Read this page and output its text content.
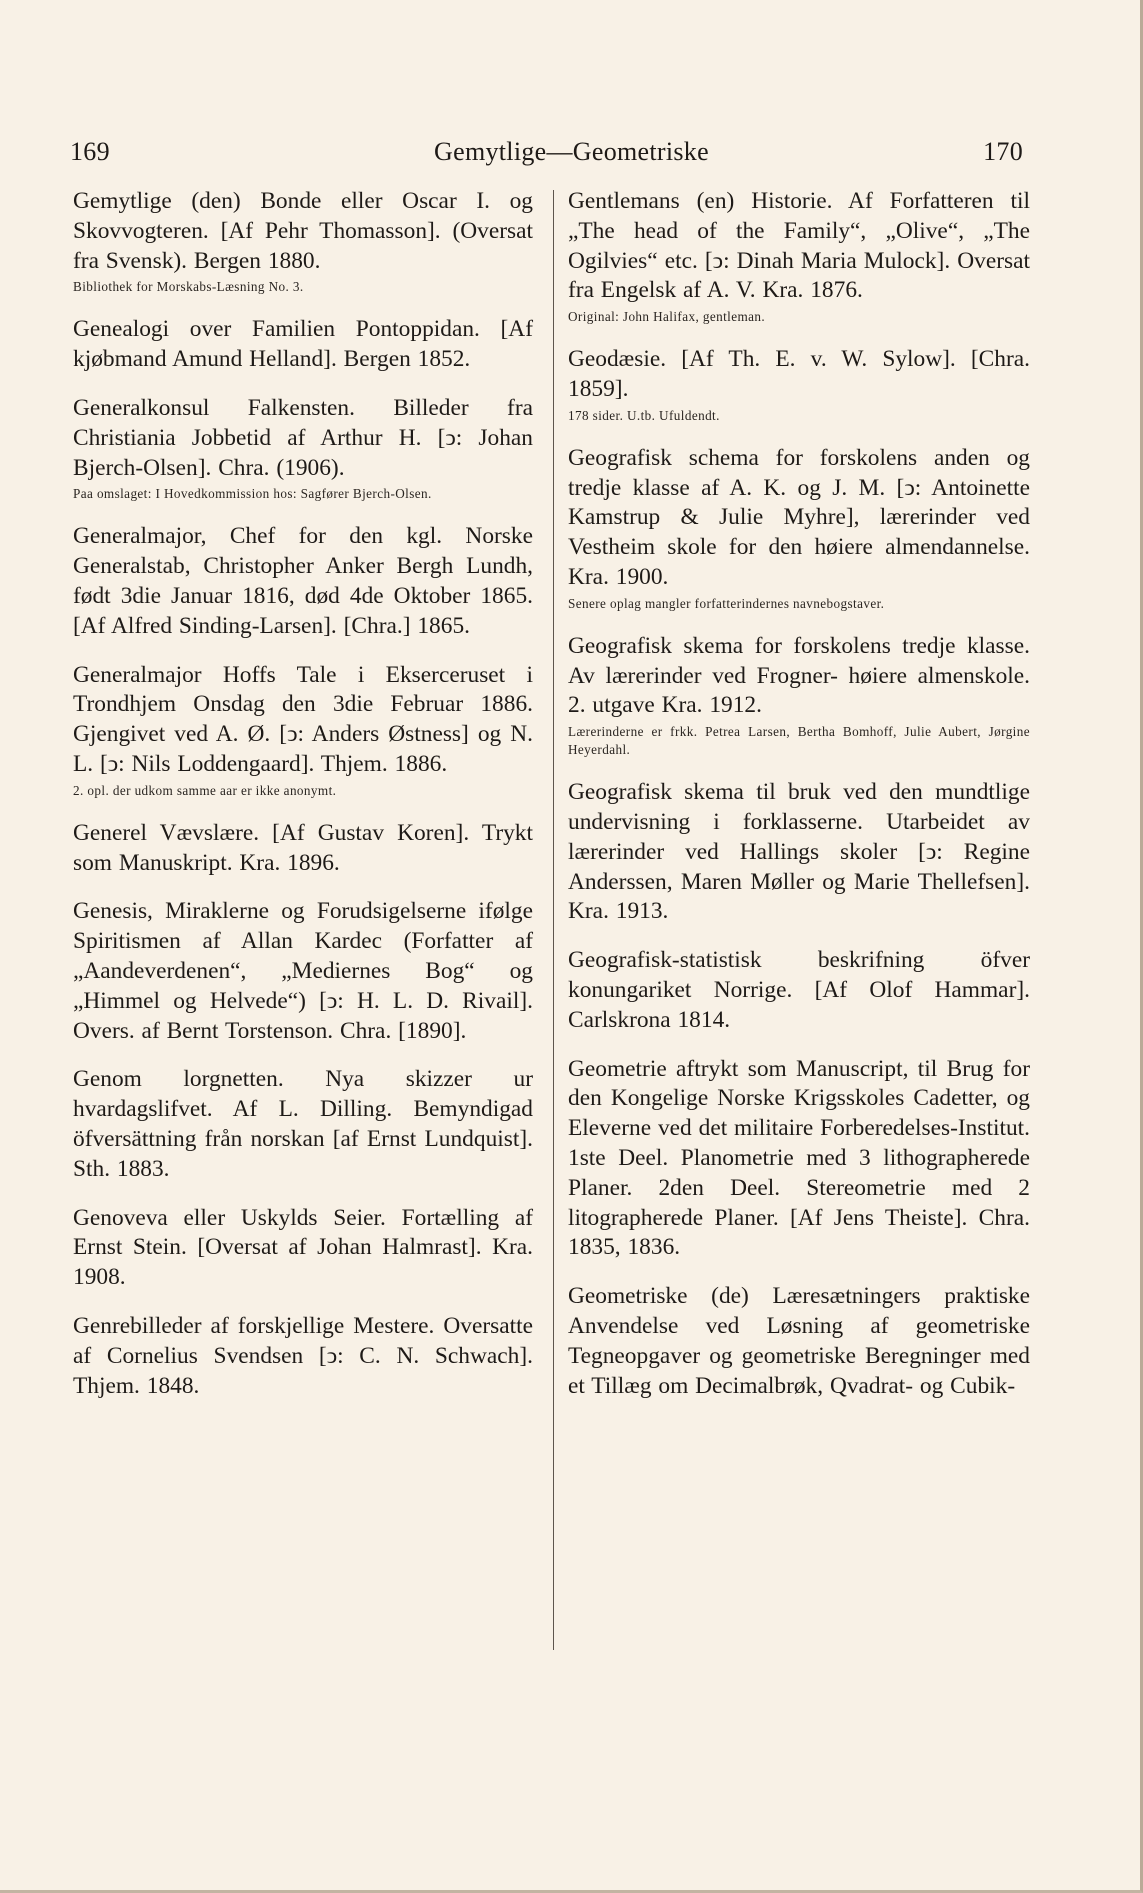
Gemytlige—Geometriske
169	170

Gemytlige (den) Bonde eller Oscar I. og Skovvogteren. [Af Pehr Thomasson]. (Oversat fra Svensk). Bergen 1880.

Bibliothek for Morskabs-Læsning No. 3.

Genealogi over Familien Pontoppidan. [Af kjøbmand Amund Helland]. Bergen 1852.

Generalkonsul Falkensten. Billeder fra Christiania Jobbetid af Arthur H. [ↄ: Johan Bjerch-Olsen]. Chra. (1906).

Paa omslaget: I Hovedkommission hos: Sagfører Bjerch-Olsen.

Generalmajor, Chef for den kgl. Norske Generalstab, Christopher Anker Bergh Lundh, født 3die Januar 1816, død 4de Oktober 1865. [Af Alfred Sinding-Larsen]. [Chra.] 1865.

Generalmajor Hoffs Tale i Ekserceruset i Trondhjem Onsdag den 3die Februar 1886. Gjengivet ved A. Ø. [ↄ: Anders Østness] og N. L. [ↄ: Nils Loddengaard]. Thjem. 1886.

2. opl. der udkom samme aar er ikke anonymt.

Generel Vævslære. [Af Gustav Koren]. Trykt som Manuskript. Kra. 1896.

Genesis, Miraklerne og Forudsigelserne ifølge Spiritismen af Allan Kardec (Forfatter af „Aandeverdenen“, „Mediernes Bog“ og „Himmel og Helvede“) [ↄ: H. L. D. Rivail]. Overs. af Bernt Torstenson. Chra. [1890].

Genom lorgnetten. Nya skizzer ur hvardagslifvet. Af L. Dilling. Bemyndigad öfversättning från norskan [af Ernst Lundquist]. Sth. 1883.

Genoveva eller Uskylds Seier. Fortælling af Ernst Stein. [Oversat af Johan Halmrast]. Kra. 1908.

Genrebilleder af forskjellige Mestere. Oversatte af Cornelius Svendsen [ↄ: C. N. Schwach]. Thjem. 1848.

Gentlemans (en) Historie. Af Forfatteren til „The head of the Family“, „Olive“, „The Ogilvies“ etc. [ↄ: Dinah Maria Mulock]. Oversat fra Engelsk af A. V. Kra. 1876.

Original: John Halifax, gentleman.

Geodæsie. [Af Th. E. v. W. Sylow]. [Chra. 1859].

178 sider. U.tb. Ufuldendt.

Geografisk schema for forskolens anden og tredje klasse af A. K. og J. M. [ↄ: Antoinette Kamstrup & Julie Myhre], lærerinder ved Vestheim skole for den høiere almendannelse. Kra. 1900.

Senere oplag mangler forfatterindernes navnebogstaver.

Geografisk skema for forskolens tredje klasse. Av lærerinder ved Frogner- høiere almenskole. 2. utgave Kra. 1912.

Lærerinderne er frkk. Petrea Larsen, Bertha Bomhoff, Julie Aubert, Jørgine Heyerdahl.

Geografisk skema til bruk ved den mundtlige undervisning i forklasserne. Utarbeidet av lærerinder ved Hallings skoler [ↄ: Regine Anderssen, Maren Møller og Marie Thellefsen]. Kra. 1913.

Geografisk-statistisk beskrifning öfver konungariket Norrige. [Af Olof Hammar]. Carlskrona 1814.

Geometrie aftrykt som Manuscript, til Brug for den Kongelige Norske Krigsskoles Cadetter, og Eleverne ved det militaire Forberedelses-Institut. 1ste Deel. Planometrie med 3 lithographerede Planer. 2den Deel. Stereometrie med 2 litographerede Planer. [Af Jens Theiste]. Chra. 1835, 1836.

Geometriske (de) Læresætningers praktiske Anvendelse ved Løsning af geometriske Tegneopgaver og geometriske Beregninger med et Tillæg om Decimalbrøk, Qvadrat- og Cubik-
